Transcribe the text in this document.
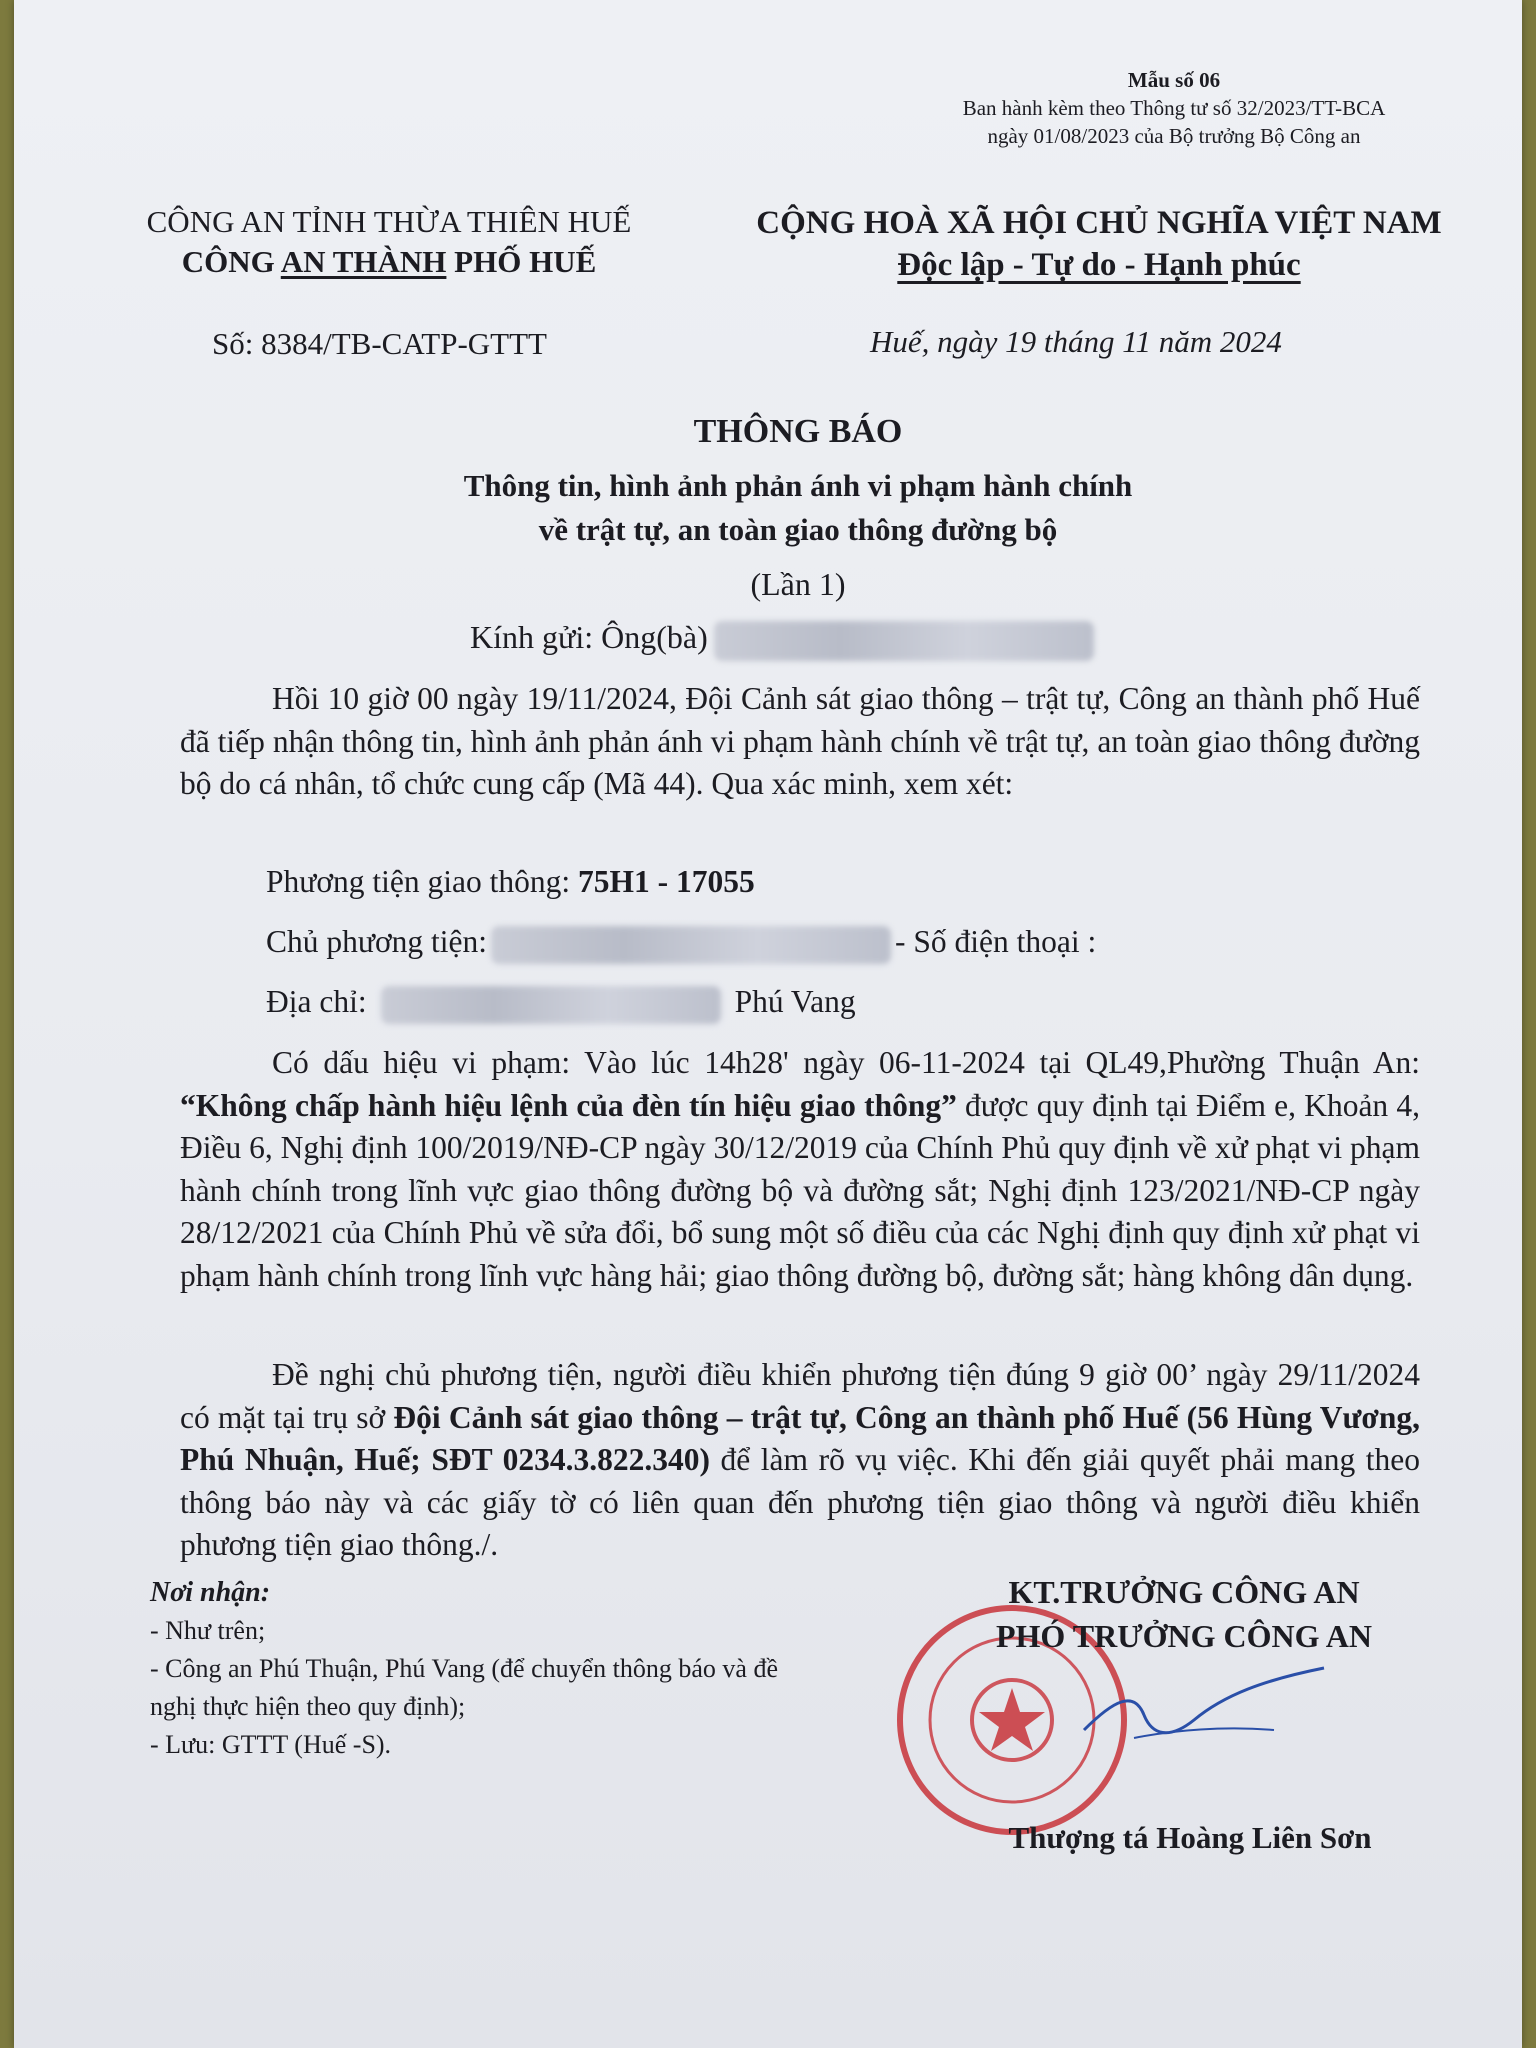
Mẫu số 06
Ban hành kèm theo Thông tư số 32/2023/TT-BCA
ngày 01/08/2023 của Bộ trưởng Bộ Công an
CÔNG AN TỈNH THỪA THIÊN HUẾ
CÔNG AN THÀNH PHỐ HUẾ
CỘNG HOÀ XÃ HỘI CHỦ NGHĨA VIỆT NAM
Độc lập - Tự do - Hạnh phúc
Số: 8384/TB-CATP-GTTT	Huế, ngày 19 tháng 11 năm 2024
THÔNG BÁO
Thông tin, hình ảnh phản ánh vi phạm hành chính
về trật tự, an toàn giao thông đường bộ
(Lần 1)
Kính gửi: Ông(bà)

Hồi 10 giờ 00 ngày 19/11/2024, Đội Cảnh sát giao thông – trật tự, Công an thành phố Huế đã tiếp nhận thông tin, hình ảnh phản ánh vi phạm hành chính về trật tự, an toàn giao thông đường bộ do cá nhân, tổ chức cung cấp (Mã 44). Qua xác minh, xem xét:

Phương tiện giao thông: 75H1 - 17055
Chủ phương tiện:	- Số điện thoại :
Địa chỉ:	Phú Vang

Có dấu hiệu vi phạm: Vào lúc 14h28' ngày 06-11-2024 tại QL49,Phường Thuận An: “Không chấp hành hiệu lệnh của đèn tín hiệu giao thông” được quy định tại Điểm e, Khoản 4, Điều 6, Nghị định 100/2019/NĐ-CP ngày 30/12/2019 của Chính Phủ quy định về xử phạt vi phạm hành chính trong lĩnh vực giao thông đường bộ và đường sắt; Nghị định 123/2021/NĐ-CP ngày 28/12/2021 của Chính Phủ về sửa đổi, bổ sung một số điều của các Nghị định quy định xử phạt vi phạm hành chính trong lĩnh vực hàng hải; giao thông đường bộ, đường sắt; hàng không dân dụng.

Đề nghị chủ phương tiện, người điều khiển phương tiện đúng 9 giờ 00’ ngày 29/11/2024 có mặt tại trụ sở Đội Cảnh sát giao thông – trật tự, Công an thành phố Huế (56 Hùng Vương, Phú Nhuận, Huế; SĐT 0234.3.822.340) để làm rõ vụ việc. Khi đến giải quyết phải mang theo thông báo này và các giấy tờ có liên quan đến phương tiện giao thông và người điều khiển phương tiện giao thông./.

Nơi nhận:
- Như trên;
- Công an Phú Thuận, Phú Vang (để chuyển thông báo và đề nghị thực hiện theo quy định);
- Lưu: GTTT (Huế -S).
KT.TRƯỞNG CÔNG AN
PHÓ TRƯỞNG CÔNG AN
Thượng tá Hoàng Liên Sơn
